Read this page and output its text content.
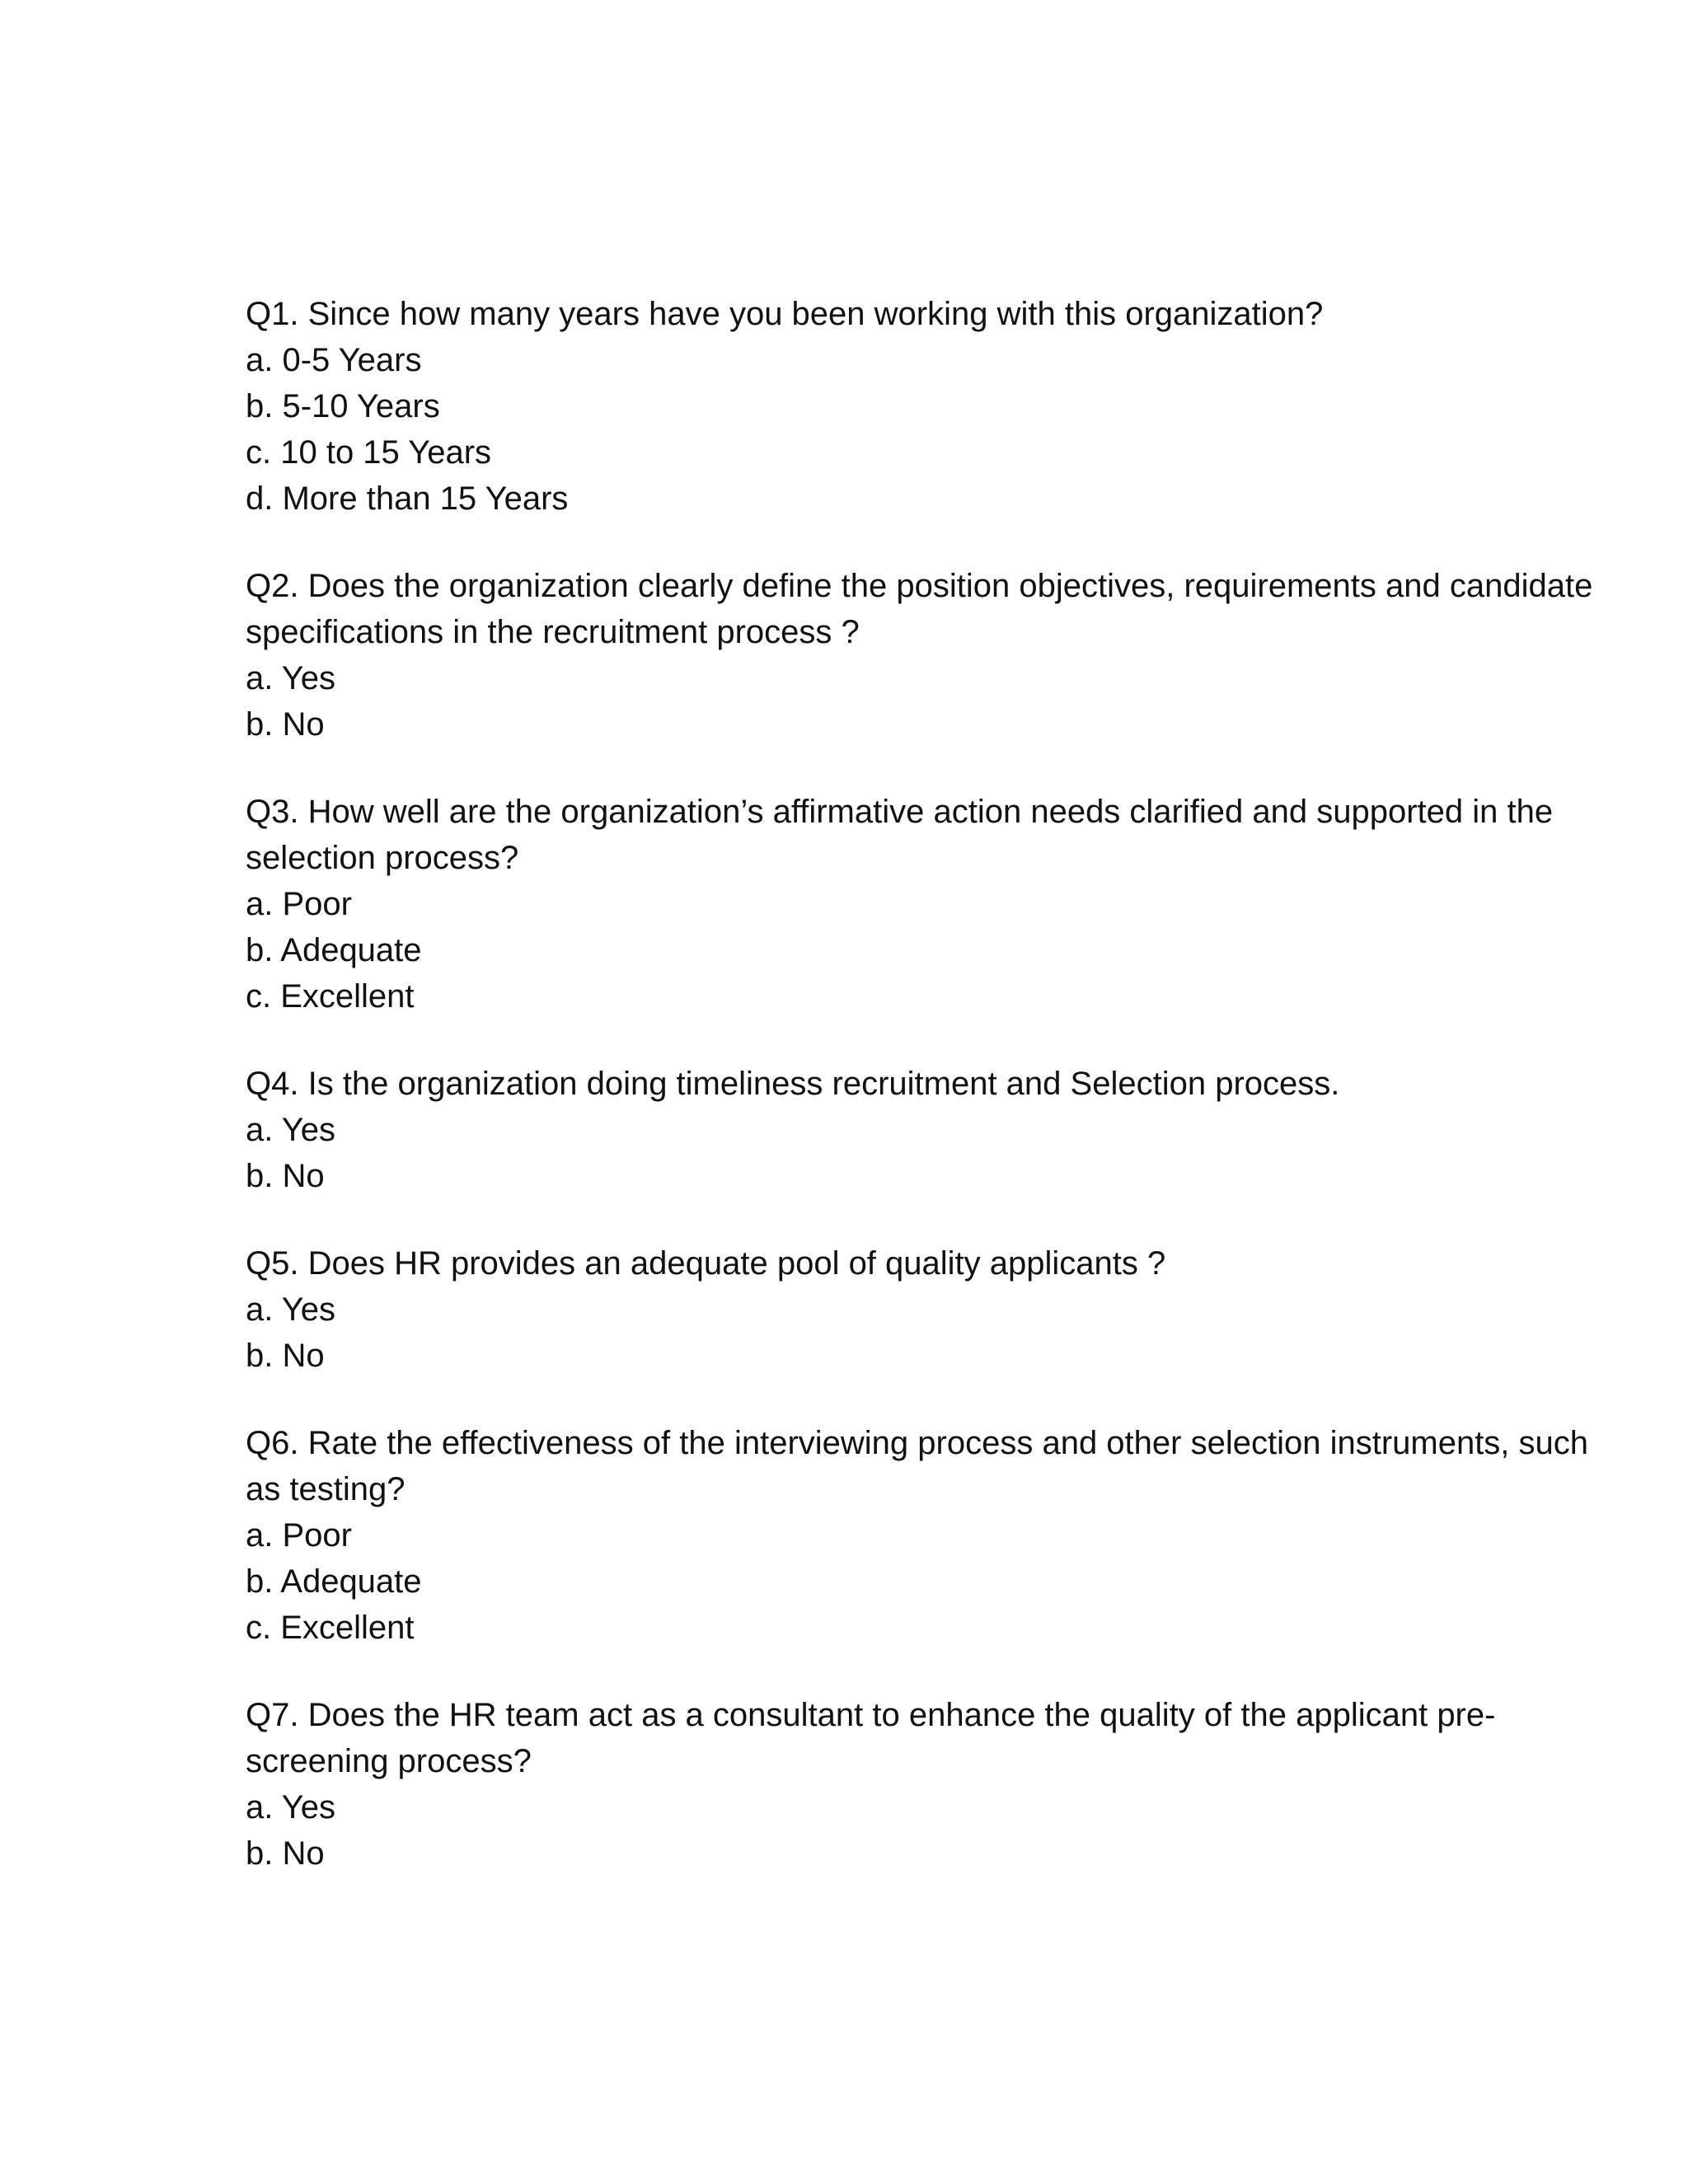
Q1. Since how many years have you been working with this organization?

a. 0-5 Years
b. 5-10 Years
c. 10 to 15 Years
d. More than 15 Years

Q2. Does the organization clearly define the position objectives, requirements and candidate specifications in the recruitment process ?

a. Yes
b. No

Q3. How well are the organization’s affirmative action needs clarified and supported in the selection process?

a. Poor
b. Adequate
c. Excellent

Q4. Is the organization doing timeliness recruitment and Selection process.

a. Yes
b. No

Q5. Does HR provides an adequate pool of quality applicants ?

a. Yes
b. No

Q6. Rate the effectiveness of the interviewing process and other selection instruments, such as testing?

a. Poor
b. Adequate
c. Excellent

Q7. Does the HR team act as a consultant to enhance the quality of the applicant pre-screening process?

a. Yes
b. No
